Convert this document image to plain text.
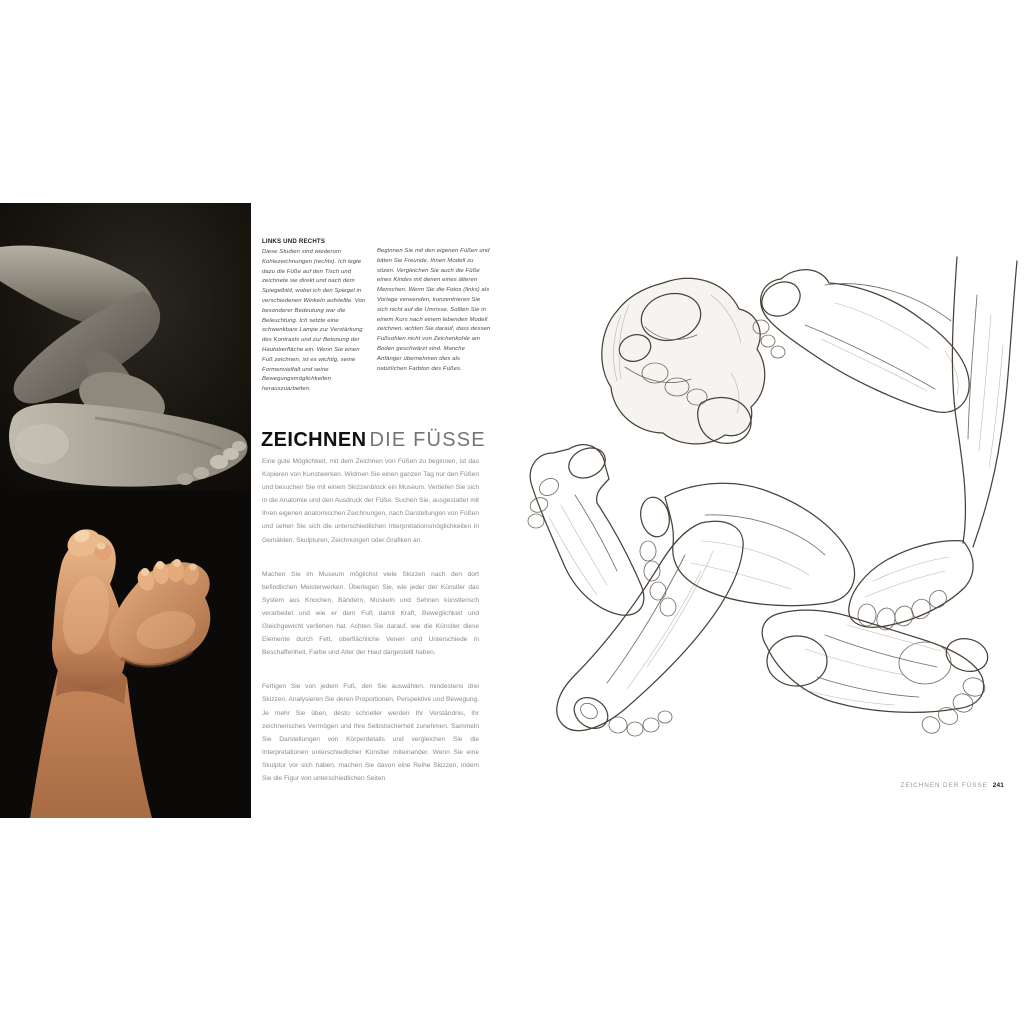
LINKS UND RECHTS
Diese Studien sind wiederum Kohlezeichnungen (rechts). Ich legte dazu die Füße auf den Tisch und zeichnete sie direkt und nach dem Spiegelbild, wobei ich den Spiegel in verschiedenen Winkeln aufstellte. Von besonderer Bedeutung war die Beleuchtung. Ich setzte eine schwenkbare Lampe zur Verstärkung des Kontrasts und zur Betonung der Hautoberfläche ein. Wenn Sie einen Fuß zeichnen, ist es wichtig, seine Formenvielfalt und seine Bewegungsmöglichkeiten herauszuarbeiten.
Beginnen Sie mit den eigenen Füßen und bitten Sie Freunde, Ihnen Modell zu sitzen. Vergleichen Sie auch die Füße eines Kindes mit denen eines älteren Menschen. Wenn Sie die Fotos (links) als Vorlage verwenden, konzentrieren Sie sich nicht auf die Umrisse. Sollten Sie in einem Kurs nach einem lebenden Modell zeichnen, achten Sie darauf, dass dessen Fußsohlen nicht von Zeichenkohle am Boden geschwärzt sind. Manche Anfänger übernehmen dies als natürlichen Farbton des Fußes.
ZEICHNEN DIE FÜSSE

Eine gute Möglichkeit, mit dem Zeichnen von Füßen zu beginnen, ist das Kopieren von Kunstwerken. Widmen Sie einen ganzen Tag nur den Füßen und besuchen Sie mit einem Skizzenblock ein Museum. Vertiefen Sie sich in die Anatomie und den Ausdruck der Füße. Suchen Sie, ausgestattet mit Ihren eigenen anatomischen Zeichnungen, nach Darstellungen von Füßen und sehen Sie sich die unterschiedlichen Interpretationsmöglichkeiten in Gemälden, Skulpturen, Zeichnungen oder Grafiken an.

Machen Sie im Museum möglichst viele Skizzen nach den dort befindlichen Meisterwerken. Überlegen Sie, wie jeder der Künstler das System aus Knochen, Bändern, Muskeln und Sehnen künstlerisch verarbeitet und wie er dem Fuß damit Kraft, Beweglichkeit und Gleichgewicht verliehen hat. Achten Sie darauf, wie die Künstler diese Elemente durch Fett, oberflächliche Venen und Unterschiede in Beschaffenheit, Farbe und Alter der Haut dargestellt haben.

Fertigen Sie von jedem Fuß, den Sie auswählen, mindestens drei Skizzen. Analysieren Sie deren Proportionen, Perspektive und Bewegung. Je mehr Sie üben, desto schneller werden Ihr Verständnis, Ihr zeichnerisches Vermögen und Ihre Selbstsicherheit zunehmen. Sammeln Sie Darstellungen von Körperdetails und vergleichen Sie die Interpretationen unterschiedlicher Künstler miteinander. Wenn Sie eine Skulptur vor sich haben, machen Sie davon eine Reihe Skizzen, indem Sie die Figur von unterschiedlichen Seiten

ZEICHNEN DER FÜSSE 241
